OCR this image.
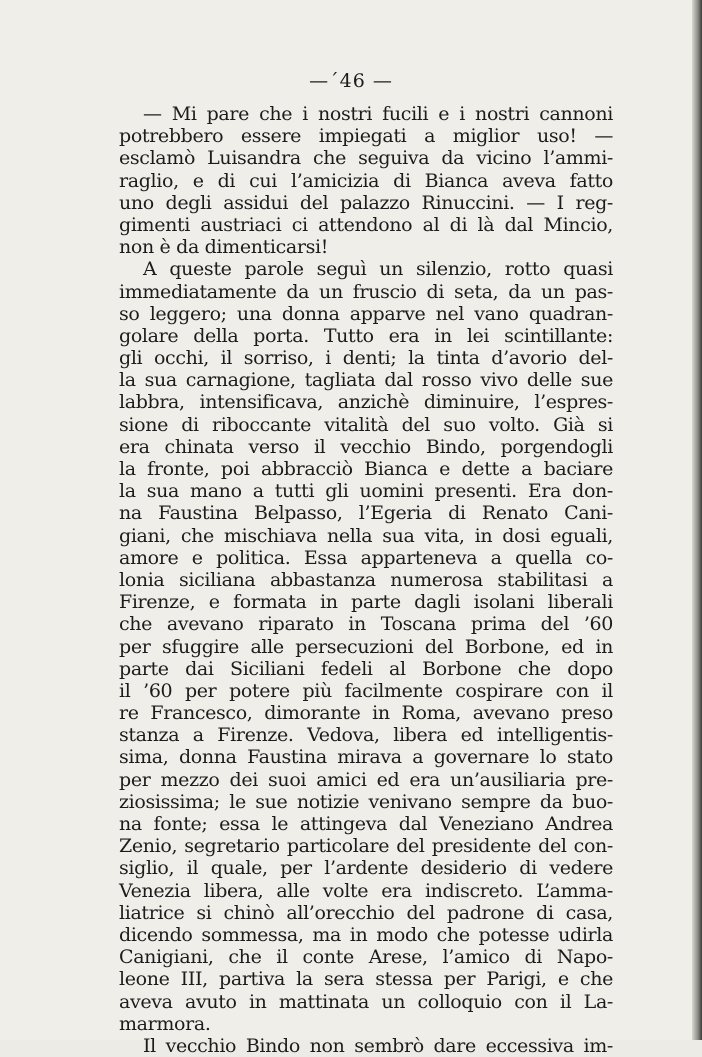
—´46 —
— Mi pare che i nostri fucili e i nostri cannoni
potrebbero essere impiegati a miglior uso! —
esclamò Luisandra che seguiva da vicino l’ammi-
raglio, e di cui l’amicizia di Bianca aveva fatto
uno degli assidui del palazzo Rinuccini. — I reg-
gimenti austriaci ci attendono al di là dal Mincio,
non è da dimenticarsi!
A queste parole seguì un silenzio, rotto quasi
immediatamente da un fruscio di seta, da un pas-
so leggero; una donna apparve nel vano quadran-
golare della porta. Tutto era in lei scintillante:
gli occhi, il sorriso, i denti; la tinta d’avorio del-
la sua carnagione, tagliata dal rosso vivo delle sue
labbra, intensificava, anzichè diminuire, l’espres-
sione di riboccante vitalità del suo volto. Già si
era chinata verso il vecchio Bindo, porgendogli
la fronte, poi abbracciò Bianca e dette a baciare
la sua mano a tutti gli uomini presenti. Era don-
na Faustina Belpasso, l’Egeria di Renato Cani-
giani, che mischiava nella sua vita, in dosi eguali,
amore e politica. Essa apparteneva a quella co-
lonia siciliana abbastanza numerosa stabilitasi a
Firenze, e formata in parte dagli isolani liberali
che avevano riparato in Toscana prima del ’60
per sfuggire alle persecuzioni del Borbone, ed in
parte dai Siciliani fedeli al Borbone che dopo
il ’60 per potere più facilmente cospirare con il
re Francesco, dimorante in Roma, avevano preso
stanza a Firenze. Vedova, libera ed intelligentis-
sima, donna Faustina mirava a governare lo stato
per mezzo dei suoi amici ed era un’ausiliaria pre-
ziosissima; le sue notizie venivano sempre da buo-
na fonte; essa le attingeva dal Veneziano Andrea
Zenio, segretario particolare del presidente del con-
siglio, il quale, per l’ardente desiderio di vedere
Venezia libera, alle volte era indiscreto. L’amma-
liatrice si chinò all’orecchio del padrone di casa,
dicendo sommessa, ma in modo che potesse udirla
Canigiani, che il conte Arese, l’amico di Napo-
leone III, partiva la sera stessa per Parigi, e che
aveva avuto in mattinata un colloquio con il La-
marmora.
Il vecchio Bindo non sembrò dare eccessiva im-
